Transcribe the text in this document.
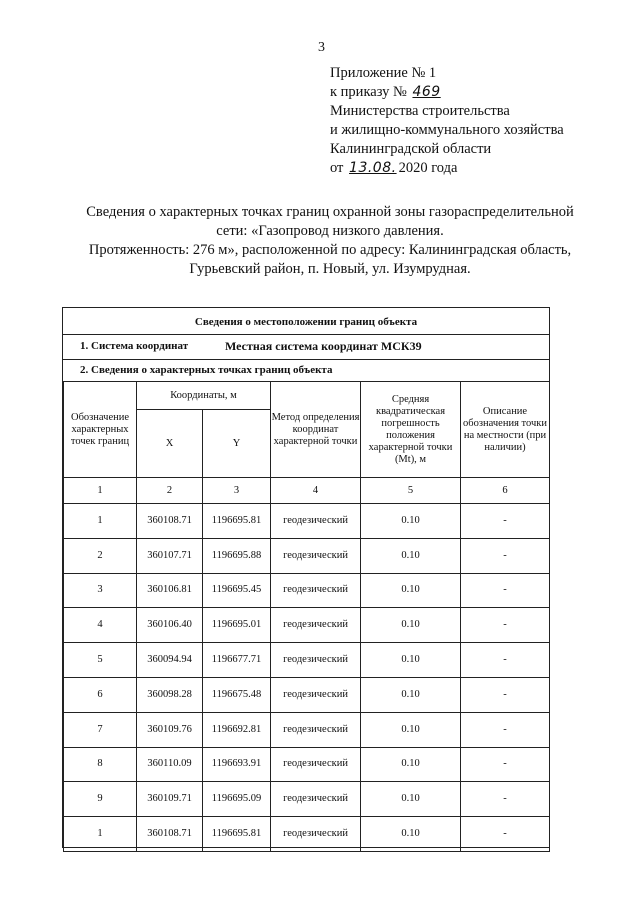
3
Приложение № 1
к приказу № 469
Министерства строительства
и жилищно-коммунального хозяйства
Калининградской области
от 13.08. 2020 года
Сведения о характерных точках границ охранной зоны газораспределительной
сети: «Газопровод низкого давления.
Протяженность: 276 м», расположенной по адресу: Калининградская область,
Гурьевский район, п. Новый, ул. Изумрудная.
Сведения о местоположении границ объекта
1. Система координат	Местная система координат МСК39
2. Сведения о характерных точках границ объекта
Обозначение характерных точек границ	Координаты, м		Метод определения координат характерной точки	Средняя квадратическая погрешность положения характерной точки (Mt), м	Описание обозначения точки на местности (при наличии)
	X	Y			
1	2	3	4	5	6
1	360108.71	1196695.81	геодезический	0.10	-
2	360107.71	1196695.88	геодезический	0.10	-
3	360106.81	1196695.45	геодезический	0.10	-
4	360106.40	1196695.01	геодезический	0.10	-
5	360094.94	1196677.71	геодезический	0.10	-
6	360098.28	1196675.48	геодезический	0.10	-
7	360109.76	1196692.81	геодезический	0.10	-
8	360110.09	1196693.91	геодезический	0.10	-
9	360109.71	1196695.09	геодезический	0.10	-
1	360108.71	1196695.81	геодезический	0.10	-
